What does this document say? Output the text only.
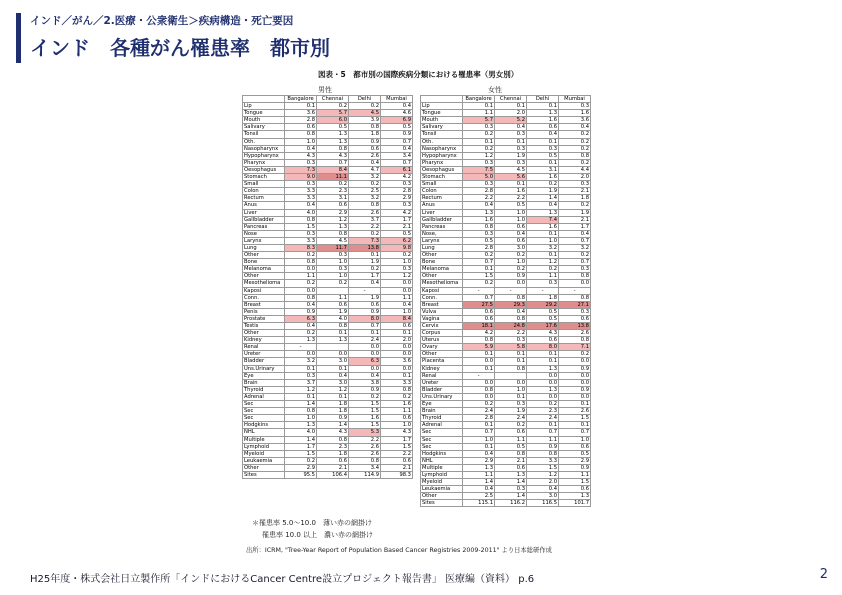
インド／がん／2.医療・公衆衛生＞疾病構造・死亡要因
インド　各種がん罹患率　都市別
図表・5　都市別の国際疾病分類における罹患率（男女別）
男性	女性
	Bangalore	Chennai	Delhi	Mumbai
Lip	0.1	0.2	0.2	0.4
Tongue	3.6	5.7	4.5	4.6
Mouth	2.8	6.0	3.9	6.9
Salivary	0.6	0.5	0.8	0.5
Tonsil	0.8	1.3	1.8	0.9
Oth.	1.0	1.3	0.9	0.7
Nasopharynx	0.4	0.8	0.6	0.4
Hypopharynx	4.3	4.3	2.6	3.4
Pharynx	0.3	0.7	0.4	0.7
Oesophagus	7.3	8.4	4.7	6.1
Stomach	9.0	11.1	3.2	4.2
Small	0.3	0.2	0.2	0.3
Colon	3.3	2.3	2.5	2.8
Rectum	3.3	3.1	3.2	2.9
Anus	0.4	0.6	0.8	0.3
Liver	4.0	2.9	2.6	4.2
Gallbladder	0.8	1.2	3.7	1.7
Pancreas	1.5	1.3	2.2	2.1
Nose	0.3	0.8	0.2	0.5
Larynx	3.3	4.5	7.3	6.2
Lung	8.3	11.7	13.8	9.8
Other	0.2	0.3	0.1	0.2
Bone	0.8	1.0	1.9	1.0
Melanoma	0.0	0.3	0.2	0.3
Other	1.1	1.0	1.7	1.2
Mesothelioma	0.2	0.2	0.4	0.0
Kaposi	0.0		-	0.0
Conn.	0.8	1.1	1.9	1.1
Breast	0.4	0.6	0.6	0.4
Penis	0.9	1.9	0.9	1.0
Prostate	6.3	4.0	8.0	8.4
Testis	0.4	0.8	0.7	0.6
Other	0.2	0.1	0.1	0.1
Kidney	1.3	1.3	2.4	2.0
Renal	-		0.0	0.0
Ureter	0.0	0.0	0.0	0.0
Bladder	3.2	3.0	6.3	3.6
Uns.Urinary	0.1	0.1	0.0	0.0
Eye	0.3	0.4	0.4	0.1
Brain	3.7	3.0	3.8	3.3
Thyroid	1.2	1.2	0.9	0.8
Adrenal	0.1	0.1	0.2	0.2
Sec	1.4	1.8	1.5	1.6
Sec	0.8	1.8	1.5	1.1
Sec	1.0	0.9	1.6	0.6
Hodgkins	1.3	1.4	1.5	1.0
NHL	4.0	4.3	5.3	4.3
Multiple	1.4	0.8	2.2	1.7
Lymphoid	1.7	2.3	2.6	1.5
Myeloid	1.5	1.8	2.6	2.2
Leukaemia	0.2	0.6	0.8	0.6
Other	2.9	2.1	3.4	2.1
Sites	95.5	106.4	114.9	98.3
	Bangalore	Chennai	Delhi	Mumbai
Lip	0.1	0.1	0.1	0.3
Tongue	1.1	2.0	1.3	1.6
Mouth	5.7	5.2	1.6	3.6
Salivary	0.3	0.4	0.6	0.4
Tonsil	0.2	0.3	0.4	0.2
Oth.	0.1	0.1	0.1	0.2
Nasopharynx	0.2	0.3	0.3	0.2
Hypopharynx	1.2	1.9	0.5	0.8
Pharynx	0.3	0.3	0.1	0.2
Oesophagus	7.5	4.5	3.1	4.4
Stomach	5.0	5.6	1.6	2.0
Small	0.3	0.1	0.2	0.3
Colon	2.8	1.6	1.9	2.1
Rectum	2.2	2.2	1.4	1.8
Anus	0.4	0.5	0.4	0.2
Liver	1.3	1.0	1.3	1.9
Gallbladder	1.6	1.0	7.4	2.1
Pancreas	0.8	0.6	1.6	1.7
Nose,	0.3	0.4	0.1	0.4
Larynx	0.5	0.6	1.0	0.7
Lung	2.8	3.0	3.2	3.2
Other	0.2	0.2	0.1	0.2
Bone	0.7	1.0	1.2	0.7
Melanoma	0.1	0.2	0.2	0.3
Other	1.5	0.9	1.1	0.8
Mesothelioma	0.2	0.0	0.3	0.0
Kaposi	-	-	-	-
Conn.	0.7	0.8	1.8	0.8
Breast	27.5	29.3	29.2	27.1
Vulva	0.6	0.4	0.5	0.3
Vagina	0.6	0.8	0.5	0.6
Cervix	18.1	24.8	17.6	13.8
Corpus	4.2	2.2	4.3	2.6
Uterus	0.8	0.3	0.6	0.8
Ovary	5.9	5.8	8.0	7.1
Other	0.1	0.1	0.1	0.2
Placenta	0.0	0.1	0.1	0.0
Kidney	0.1	0.8	1.3	0.9
Renal	-		0.0	0.0
Ureter	0.0	0.0	0.0	0.0
Bladder	0.8	1.0	1.3	0.9
Uns.Urinary	0.0	0.1	0.0	0.0
Eye	0.2	0.3	0.2	0.1
Brain	2.4	1.9	2.3	2.6
Thyroid	2.8	2.4	2.4	1.5
Adrenal	0.1	0.2	0.1	0.1
Sec	0.7	0.6	0.7	0.7
Sec	1.0	1.1	1.1	1.0
Sec	0.1	0.5	0.9	0.6
Hodgkins	0.4	0.8	0.8	0.5
NHL	2.9	2.1	3.3	2.9
Multiple	1.3	0.6	1.5	0.9
Lymphoid	1.1	1.3	1.2	1.1
Myeloid	1.4	1.4	2.0	1.5
Leukaemia	0.4	0.3	0.4	0.6
Other	2.5	1.4	3.0	1.3
Sites	115.1	116.2	116.5	101.7
＊罹患率 5.0～10.0　薄い赤の網掛け
罹患率 10.0 以上　濃い赤の網掛け
出所：ICRM, "Tree-Year Report of Population Based Cancer Registries 2009-2011" より日本総研作成
H25年度・株式会社日立製作所「インドにおけるCancer Centre設立プロジェクト報告書」 医療編（資料） p.6	2
